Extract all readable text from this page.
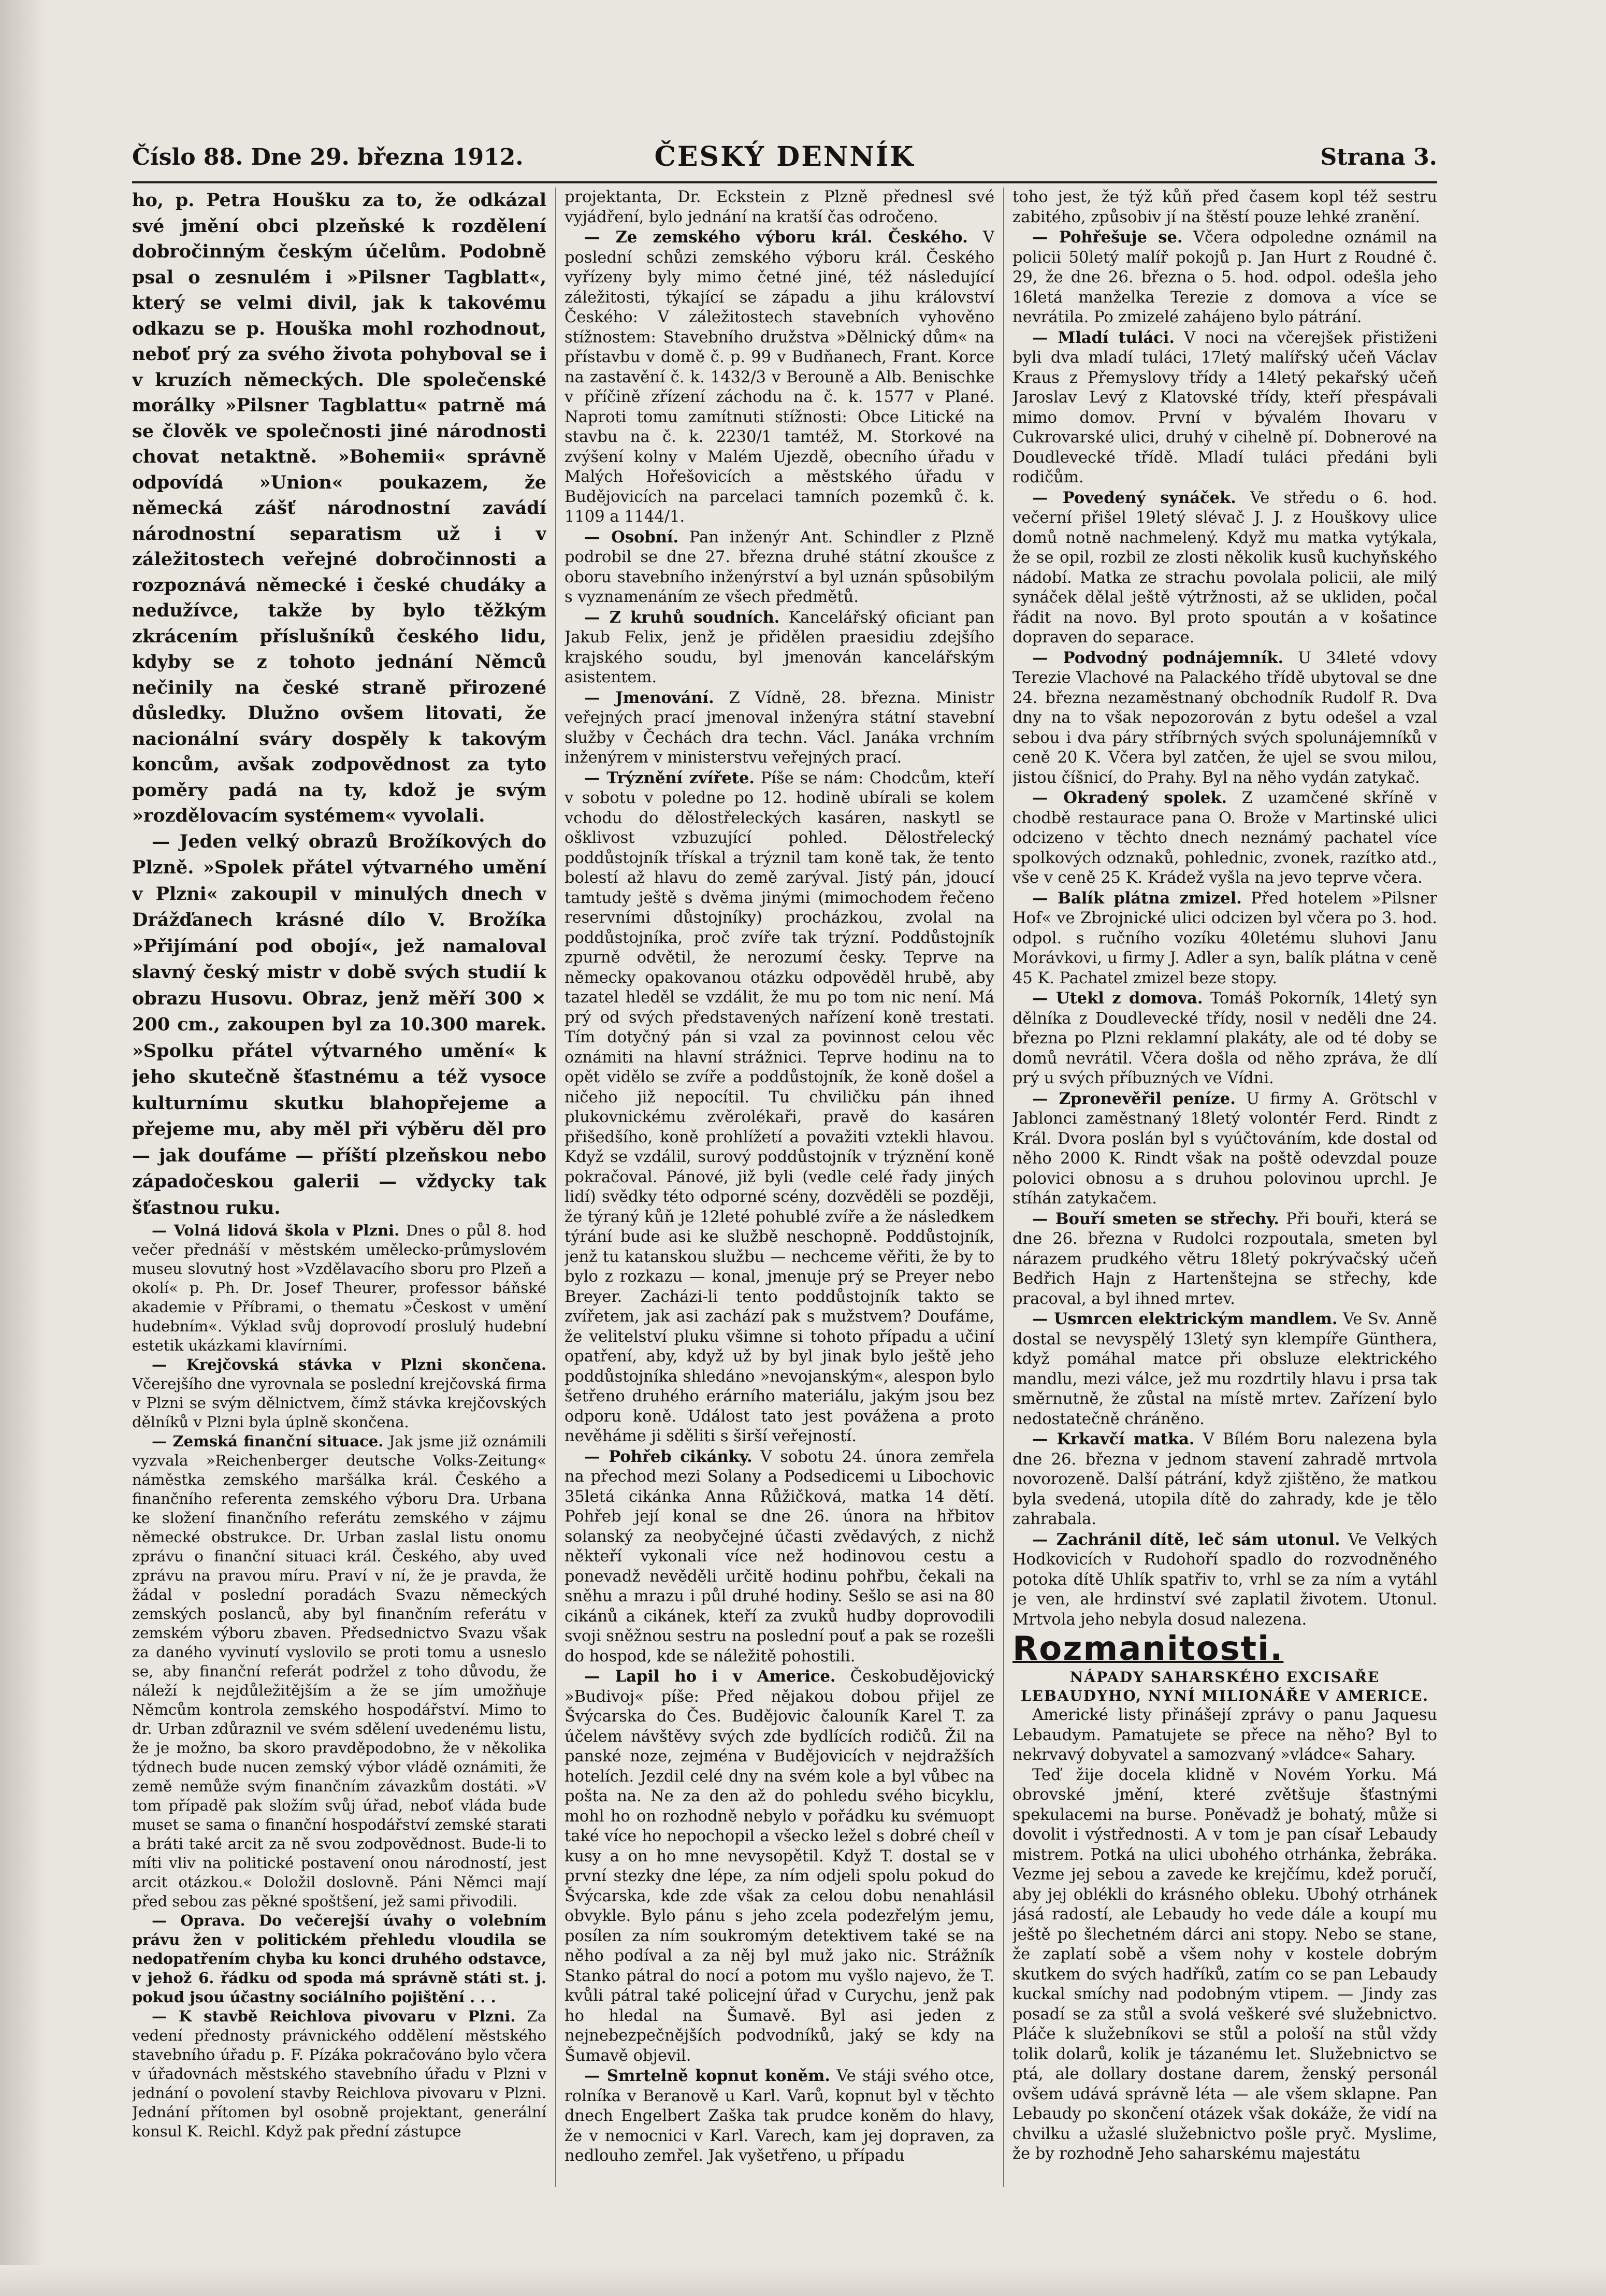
Číslo 88. Dne 29. března 1912.	ČESKÝ DENNÍK	Strana 3.

ho, p. Petra Houšku za to, že odkázal své jmění obci plzeňské k rozdělení dobročinným českým účelům. Podobně psal o zesnulém i »Pilsner Tagblatt«, který se velmi divil, jak k takovému odkazu se p. Houška mohl rozhodnout, neboť prý za svého života pohyboval se i v kruzích německých. Dle společenské morálky »Pilsner Tagblattu« patrně má se člověk ve společnosti jiné národnosti chovat netaktně. »Bohemii« správně odpovídá »Union« poukazem, že německá zášť národnostní zavádí národnostní separatism už i v záležitostech veřejné dobročinnosti a rozpoznává německé i české chudáky a nedužívce, takže by bylo těžkým zkrácením příslušníků českého lidu, kdyby se z tohoto jednání Němců nečinily na české straně přirozené důsledky. Dlužno ovšem litovati, že nacionální sváry dospěly k takovým koncům, avšak zodpovědnost za tyto poměry padá na ty, kdož je svým »rozdělovacím systémem« vyvolali.

— Jeden velký obrazů Brožíkových do Plzně. »Spolek přátel výtvarného umění v Plzni« zakoupil v minulých dnech v Drážďanech krásné dílo V. Brožíka »Přijímání pod obojí«, jež namaloval slavný český mistr v době svých studií k obrazu Husovu. Obraz, jenž měří 300 × 200 cm., zakoupen byl za 10.300 marek. »Spolku přátel výtvarného umění« k jeho skutečně šťastnému a též vysoce kulturnímu skutku blahopřejeme a přejeme mu, aby měl při výběru děl pro — jak doufáme — příští plzeňskou nebo západočeskou galerii — vždycky tak šťastnou ruku.

— Volná lidová škola v Plzni. Dnes o půl 8. hod večer přednáší v městském umělecko-průmyslovém museu slovutný host »Vzdělavacího sboru pro Plzeň a okolí« p. Ph. Dr. Josef Theurer, professor báňské akademie v Příbrami, o thematu »Českost v umění hudebním«. Výklad svůj doprovodí proslulý hudební estetik ukázkami klavírními.

— Krejčovská stávka v Plzni skončena. Včerejšího dne vyrovnala se poslední krejčovská firma v Plzni se svým dělnictvem, čímž stávka krejčovských dělníků v Plzni byla úplně skončena.

— Zemská finanční situace. Jak jsme již oznámili vyzvala »Reichenberger deutsche Volks-Zeitung« náměstka zemského maršálka král. Českého a finančního referenta zemského výboru Dra. Urbana ke složení finančního referátu zemského v zájmu německé obstrukce. Dr. Urban zaslal listu onomu zprávu o finanční situaci král. Českého, aby uveď zprávu na pravou míru. Praví v ní, že je pravda, že žádal v poslední poradách Svazu německých zemských poslanců, aby byl finančním referátu v zemském výboru zbaven. Předsednictvo Svazu však za daného vyvinutí vyslovilo se proti tomu a usneslo se, aby finanční referát podržel z toho důvodu, že náleží k nejdůležitějším a že se jím umožňuje Němcům kontrola zemského hospodářství. Mimo to dr. Urban zdůraznil ve svém sdělení uvedenému listu, že je možno, ba skoro pravděpodobno, že v několika týdnech bude nucen zemský výbor vládě oznámiti, že země nemůže svým finančním závazkům dostáti. »V tom případě pak složím svůj úřad, neboť vláda bude muset se sama o finanční hospodářství zemské starati a bráti také arcit za ně svou zodpovědnost. Bude-li to míti vliv na politické postavení onou národností, jest arcit otázkou.« Doložil doslovně. Páni Němci mají před sebou zas pěkné spoštšení, jež sami přivodili.

— Oprava. Do večerejší úvahy o volebním právu žen v politickém přehledu vloudila se nedopatřením chyba ku konci druhého odstavce, v jehož 6. řádku od spoda má správně státi st. j. pokud jsou účastny sociálního pojištění . . .

— K stavbě Reichlova pivovaru v Plzni. Za vedení přednosty právnického oddělení městského stavebního úřadu p. F. Pízáka pokračováno bylo včera v úřadovnách městského stavebního úřadu v Plzni v jednání o povolení stavby Reichlova pivovaru v Plzni. Jednání přítomen byl osobně projektant, generální konsul K. Reichl. Když pak přední zástupce

projektanta, Dr. Eckstein z Plzně přednesl své vyjádření, bylo jednání na kratší čas odročeno.

— Ze zemského výboru král. Českého. V poslední schůzi zemského výboru král. Českého vyřízeny byly mimo četné jiné, též následující záležitosti, týkající se západu a jihu království Českého: V záležitostech stavebních vyhověno stížnostem: Stavebního družstva »Dělnický dům« na přístavbu v domě č. p. 99 v Budňanech, Frant. Korce na zastavění č. k. 1432/3 v Berouně a Alb. Benischke v příčině zřízení záchodu na č. k. 1577 v Plané. Naproti tomu zamítnuti stížnosti: Obce Litické na stavbu na č. k. 2230/1 tamtéž, M. Storkové na zvýšení kolny v Malém Ujezdě, obecního úřadu v Malých Hořešovicích a městského úřadu v Budějovicích na parcelaci tamních pozemků č. k. 1109 a 1144/1.

— Osobní. Pan inženýr Ant. Schindler z Plzně podrobil se dne 27. března druhé státní zkoušce z oboru stavebního inženýrství a byl uznán spůsobilým s vyznamenáním ze všech předmětů.

— Z kruhů soudních. Kancelářský oficiant pan Jakub Felix, jenž je přidělen praesidiu zdejšího krajského soudu, byl jmenován kancelářským asistentem.

— Jmenování. Z Vídně, 28. března. Ministr veřejných prací jmenoval inženýra státní stavební služby v Čechách dra techn. Václ. Janáka vrchním inženýrem v ministerstvu veřejných prací.

— Trýznění zvířete. Píše se nám: Chodcům, kteří v sobotu v poledne po 12. hodině ubírali se kolem vchodu do dělostřeleckých kasáren, naskytl se ošklivost vzbuzující pohled. Dělostřelecký poddůstojník třískal a trýznil tam koně tak, že tento bolestí až hlavu do země zarýval. Jistý pán, jdoucí tamtudy ještě s dvěma jinými (mimochodem řečeno reservními důstojníky) procházkou, zvolal na poddůstojníka, proč zvíře tak trýzní. Poddůstojník zpurně odvětil, že nerozumí česky. Teprve na německy opakovanou otázku odpověděl hrubě, aby tazatel hleděl se vzdálit, že mu po tom nic není. Má prý od svých představených nařízení koně trestati. Tím dotyčný pán si vzal za povinnost celou věc oznámiti na hlavní strážnici. Teprve hodinu na to opět vidělo se zvíře a poddůstojník, že koně došel a ničeho již nepocítil. Tu chviličku pán ihned plukovnickému zvěrolékaři, pravě do kasáren přišedšího, koně prohlížetí a považiti vztekli hlavou. Když se vzdálil, surový poddůstojník v trýznění koně pokračoval. Pánové, již byli (vedle celé řady jiných lidí) svědky této odporné scény, dozvěděli se později, že týraný kůň je 12leté pohublé zvíře a že následkem týrání bude asi ke službě neschopně. Poddůstojník, jenž tu katanskou službu — nechceme věřiti, že by to bylo z rozkazu — konal, jmenuje prý se Preyer nebo Breyer. Zacházi-li tento poddůstojník takto se zvířetem, jak asi zachází pak s mužstvem? Doufáme, že velitelství pluku všimne si tohoto případu a učiní opatření, aby, když už by byl jinak bylo ještě jeho poddůstojníka shledáno »nevojanským«, alespon bylo šetřeno druhého erárního materiálu, jakým jsou bez odporu koně. Událost tato jest povážena a proto nevěháme ji sděliti s širší veřejností.

— Pohřeb cikánky. V sobotu 24. února zemřela na přechod mezi Solany a Podsedicemi u Libochovic 35letá cikánka Anna Růžičková, matka 14 dětí. Pohřeb její konal se dne 26. února na hřbitov solanský za neobyčejné účasti zvědavých, z nichž někteří vykonali více než hodinovou cestu a ponevadž nevěděli určitě hodinu pohřbu, čekali na sněhu a mrazu i půl druhé hodiny. Sešlo se asi na 80 cikánů a cikánek, kteří za zvuků hudby doprovodili svoji sněžnou sestru na poslední pouť a pak se rozešli do hospod, kde se náležitě pohostili.

— Lapil ho i v Americe. Českobudějovický »Budivoj« píše: Před nějakou dobou přijel ze Švýcarska do Čes. Budějovic čalouník Karel T. za účelem návštěvy svých zde bydlících rodičů. Žil na panské noze, zejména v Budějovicích v nejdražších hotelích. Jezdil celé dny na svém kole a byl vůbec na pošta na. Ne za den až do pohledu svého bicyklu, mohl ho on rozhodně nebylo v pořádku ku svémuopt také více ho nepochopil a všecko ležel s dobré cheíl v kusy a on ho mne nevysopětil. Když T. dostal se v první stezky dne lépe, za ním odjeli spolu pokud do Švýcarska, kde zde však za celou dobu nenahlásil obvykle. Bylo pánu s jeho zcela podezřelým jemu, posílen za ním soukromým detektivem také se na něho podíval a za něj byl muž jako nic. Strážník Stanko pátral do nocí a potom mu vyšlo najevo, že T. kvůli pátral také policejní úřad v Curychu, jenž pak ho hledal na Šumavě. Byl asi jeden z nejnebezpečnějších podvodníků, jaký se kdy na Šumavě objevil.

— Smrtelně kopnut koněm. Ve stáji svého otce, rolníka v Beranově u Karl. Varů, kopnut byl v těchto dnech Engelbert Zaška tak prudce koněm do hlavy, že v nemocnici v Karl. Varech, kam jej dopraven, za nedlouho zemřel. Jak vyšetřeno, u případu

toho jest, že týž kůň před časem kopl též sestru zabitého, způsobiv jí na štěstí pouze lehké zranění.

— Pohřešuje se. Včera odpoledne oznámil na policii 50letý malíř pokojů p. Jan Hurt z Roudné č. 29, že dne 26. března o 5. hod. odpol. odešla jeho 16letá manželka Terezie z domova a více se nevrátila. Po zmizelé zahájeno bylo pátrání.

— Mladí tuláci. V noci na včerejšek přistiženi byli dva mladí tuláci, 17letý malířský učeň Václav Kraus z Přemyslovy třídy a 14letý pekařský učeň Jaroslav Levý z Klatovské třídy, kteří přespávali mimo domov. První v bývalém Ihovaru v Cukrovarské ulici, druhý v cihelně pí. Dobnerové na Doudlevecké třídě. Mladí tuláci předáni byli rodičům.

— Povedený synáček. Ve středu o 6. hod. večerní přišel 19letý slévač J. J. z Houškovy ulice domů notně nachmelený. Když mu matka vytýkala, že se opil, rozbil ze zlosti několik kusů kuchyňského nádobí. Matka ze strachu povolala policii, ale milý synáček dělal ještě výtržnosti, až se ukliden, počal řádit na novo. Byl proto spoután a v košatince dopraven do separace.

— Podvodný podnájemník. U 34leté vdovy Terezie Vlachové na Palackého třídě ubytoval se dne 24. března nezaměstnaný obchodník Rudolf R. Dva dny na to však nepozorován z bytu odešel a vzal sebou i dva páry stříbrných svých spolunájemníků v ceně 20 K. Včera byl zatčen, že ujel se svou milou, jistou číšnicí, do Prahy. Byl na něho vydán zatykač.

— Okradený spolek. Z uzamčené skříně v chodbě restaurace pana O. Brože v Martinské ulici odcizeno v těchto dnech neznámý pachatel více spolkových odznaků, pohlednic, zvonek, razítko atd., vše v ceně 25 K. Krádež vyšla na jevo teprve včera.

— Balík plátna zmizel. Před hotelem »Pilsner Hof« ve Zbrojnické ulici odcizen byl včera po 3. hod. odpol. s ručního vozíku 40letému sluhovi Janu Morávkovi, u firmy J. Adler a syn, balík plátna v ceně 45 K. Pachatel zmizel beze stopy.

— Utekl z domova. Tomáš Pokorník, 14letý syn dělníka z Doudlevecké třídy, nosil v neděli dne 24. března po Plzni reklamní plakáty, ale od té doby se domů nevrátil. Včera došla od něho zpráva, že dlí prý u svých příbuzných ve Vídni.

— Zpronevěřil peníze. U firmy A. Grötschl v Jablonci zaměstnaný 18letý volontér Ferd. Rindt z Král. Dvora poslán byl s vyúčtováním, kde dostal od něho 2000 K. Rindt však na poště odevzdal pouze polovici obnosu a s druhou polovinou uprchl. Je stíhán zatykačem.

— Bouří smeten se střechy. Při bouři, která se dne 26. března v Rudolci rozpoutala, smeten byl nárazem prudkého větru 18letý pokrývačský učeň Bedřich Hajn z Hartenštejna se střechy, kde pracoval, a byl ihned mrtev.

— Usmrcen elektrickým mandlem. Ve Sv. Anně dostal se nevyspělý 13letý syn klempíře Günthera, když pomáhal matce při obsluze elektrického mandlu, mezi válce, jež mu rozdrtily hlavu i prsa tak směrnutně, že zůstal na místě mrtev. Zařízení bylo nedostatečně chráněno.

— Krkavčí matka. V Bílém Boru nalezena byla dne 26. března v jednom stavení zahradě mrtvola novorozeně. Další pátrání, když zjištěno, že matkou byla svedená, utopila dítě do zahrady, kde je tělo zahrabala.

— Zachránil dítě, leč sám utonul. Ve Velkých Hodkovicích v Rudohoří spadlo do rozvodněného potoka dítě Uhlík spatřiv to, vrhl se za ním a vytáhl je ven, ale hrdinství své zaplatil životem. Utonul. Mrtvola jeho nebyla dosud nalezena.

Rozmanitosti.

NÁPADY SAHARSKÉHO EXCISAŘE LEBAUDYHO, NYNÍ MILIONÁŘE V AMERICE.

Americké listy přinášejí zprávy o panu Jaquesu Lebaudym. Pamatujete se přece na něho? Byl to nekrvavý dobyvatel a samozvaný »vládce« Sahary.

Teď žije docela klidně v Novém Yorku. Má obrovské jmění, které zvětšuje šťastnými spekulacemi na burse. Poněvadž je bohatý, může si dovolit i výstřednosti. A v tom je pan císař Lebaudy mistrem. Potká na ulici ubohého otrhánka, žebráka. Vezme jej sebou a zavede ke krejčímu, kdež poručí, aby jej oblékli do krásného obleku. Ubohý otrhánek jásá radostí, ale Lebaudy ho vede dále a koupí mu ještě po šlechetném dárci ani stopy. Nebo se stane, že zaplatí sobě a všem nohy v kostele dobrým skutkem do svých hadříků, zatím co se pan Lebaudy kuckal smíchy nad podobným vtipem. — Jindy zas posadí se za stůl a svolá veškeré své služebnictvo. Pláče k služebníkovi se stůl a pološí na stůl vždy tolik dolarů, kolik je tázanému let. Služebnictvo se ptá, ale dollary dostane darem, ženský personál ovšem udává správně léta — ale všem sklapne. Pan Lebaudy po skončení otázek však dokáže, že vidí na chvilku a užaslé služebnictvo pošle pryč. Myslime, že by rozhodně Jeho saharskému majestátu
